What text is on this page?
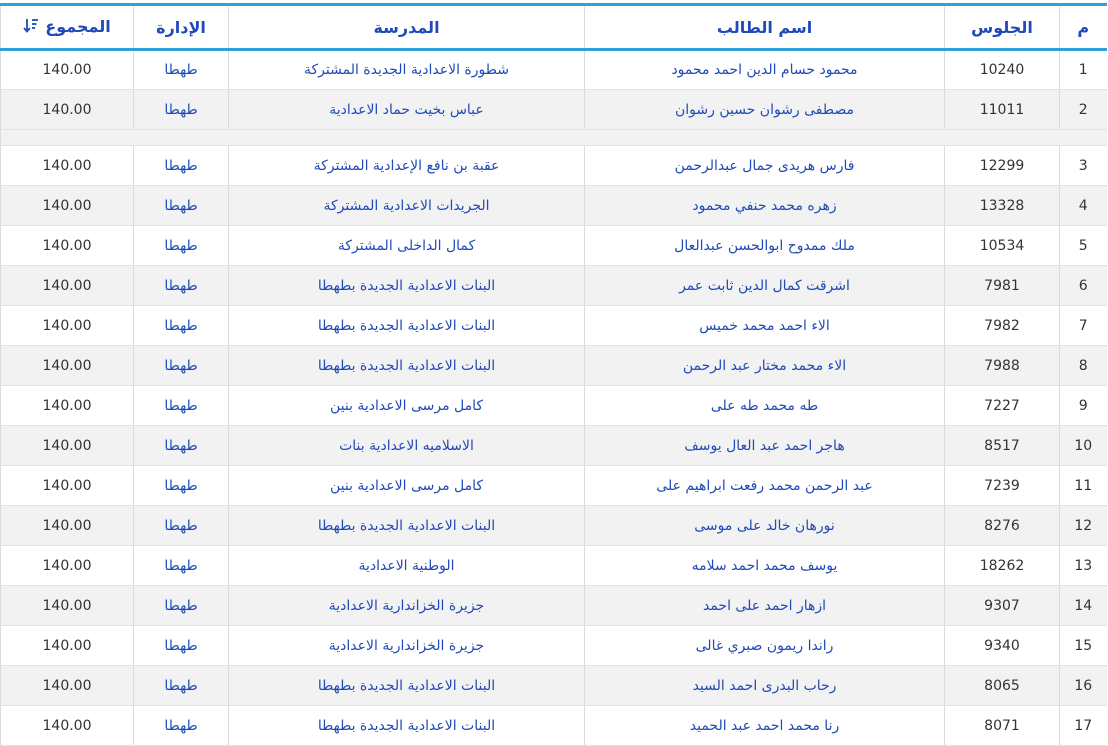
م	الجلوس	اسم الطالب	المدرسة	الإدارة	المجموع
1	10240	محمود حسام الدين احمد محمود	شطورة الاعدادية الجديدة المشتركة	طهطا	140.00
2	11011	مصطفى رشوان حسين رشوان	عباس بخيت حماد الاعدادية	طهطا	140.00

3	12299	فارس هريدى جمال عبدالرحمن	عقبة بن نافع الإعدادية المشتركة	طهطا	140.00
4	13328	زهره محمد حنفي محمود	الجريدات الاعدادية المشتركة	طهطا	140.00
5	10534	ملك ممدوح ابوالحسن عبدالعال	كمال الداخلى المشتركة	طهطا	140.00
6	7981	اشرقت كمال الدين ثابت عمر	البنات الاعدادية الجديدة بطهطا	طهطا	140.00
7	7982	الاء احمد محمد خميس	البنات الاعدادية الجديدة بطهطا	طهطا	140.00
8	7988	الاء محمد مختار عبد الرحمن	البنات الاعدادية الجديدة بطهطا	طهطا	140.00
9	7227	طه محمد طه على	كامل مرسى الاعدادية بنين	طهطا	140.00
10	8517	هاجر احمد عبد العال يوسف	الاسلاميه الاعدادية بنات	طهطا	140.00
11	7239	عبد الرحمن محمد رفعت ابراهيم على	كامل مرسى الاعدادية بنين	طهطا	140.00
12	8276	نورهان خالد على موسى	البنات الاعدادية الجديدة بطهطا	طهطا	140.00
13	18262	يوسف محمد احمد سلامه	الوطنية الاعدادية	طهطا	140.00
14	9307	ازهار احمد على احمد	جزيرة الخزاندارية الاعدادية	طهطا	140.00
15	9340	راندا ريمون صبري غالى	جزيرة الخزاندارية الاعدادية	طهطا	140.00
16	8065	رحاب البدرى احمد السيد	البنات الاعدادية الجديدة بطهطا	طهطا	140.00
17	8071	رنا محمد احمد عبد الحميد	البنات الاعدادية الجديدة بطهطا	طهطا	140.00
